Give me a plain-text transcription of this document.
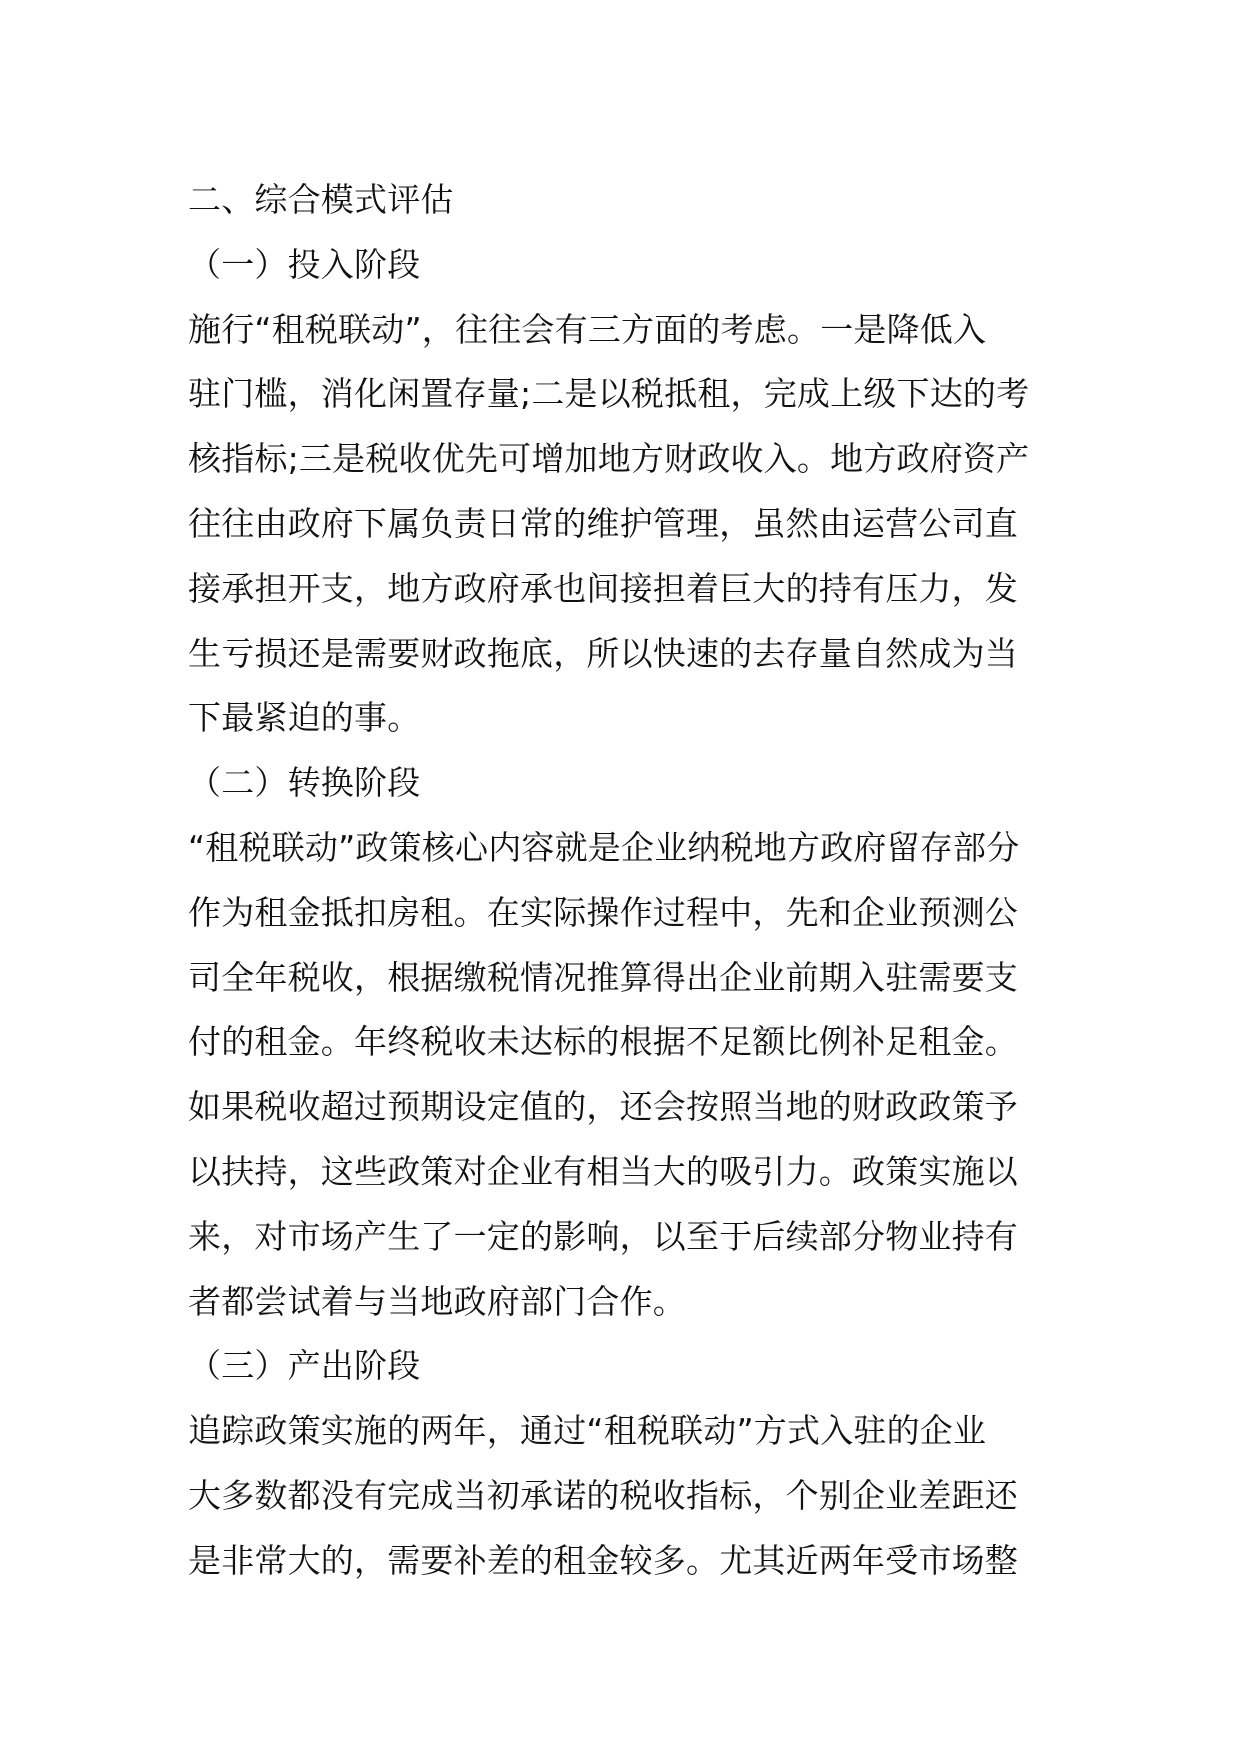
二、综合模式评估
（一）投入阶段
施行“租税联动”，往往会有三方面的考虑。一是降低入
驻门槛，消化闲置存量;二是以税抵租，完成上级下达的考
核指标;三是税收优先可增加地方财政收入。地方政府资产
往往由政府下属负责日常的维护管理，虽然由运营公司直
接承担开支，地方政府承也间接担着巨大的持有压力，发
生亏损还是需要财政拖底，所以快速的去存量自然成为当
下最紧迫的事。
（二）转换阶段
“租税联动”政策核心内容就是企业纳税地方政府留存部分
作为租金抵扣房租。在实际操作过程中，先和企业预测公
司全年税收，根据缴税情况推算得出企业前期入驻需要支
付的租金。年终税收未达标的根据不足额比例补足租金。
如果税收超过预期设定值的，还会按照当地的财政政策予
以扶持，这些政策对企业有相当大的吸引力。政策实施以
来，对市场产生了一定的影响，以至于后续部分物业持有
者都尝试着与当地政府部门合作。
（三）产出阶段
追踪政策实施的两年，通过“租税联动”方式入驻的企业
大多数都没有完成当初承诺的税收指标，个别企业差距还
是非常大的，需要补差的租金较多。尤其近两年受市场整
